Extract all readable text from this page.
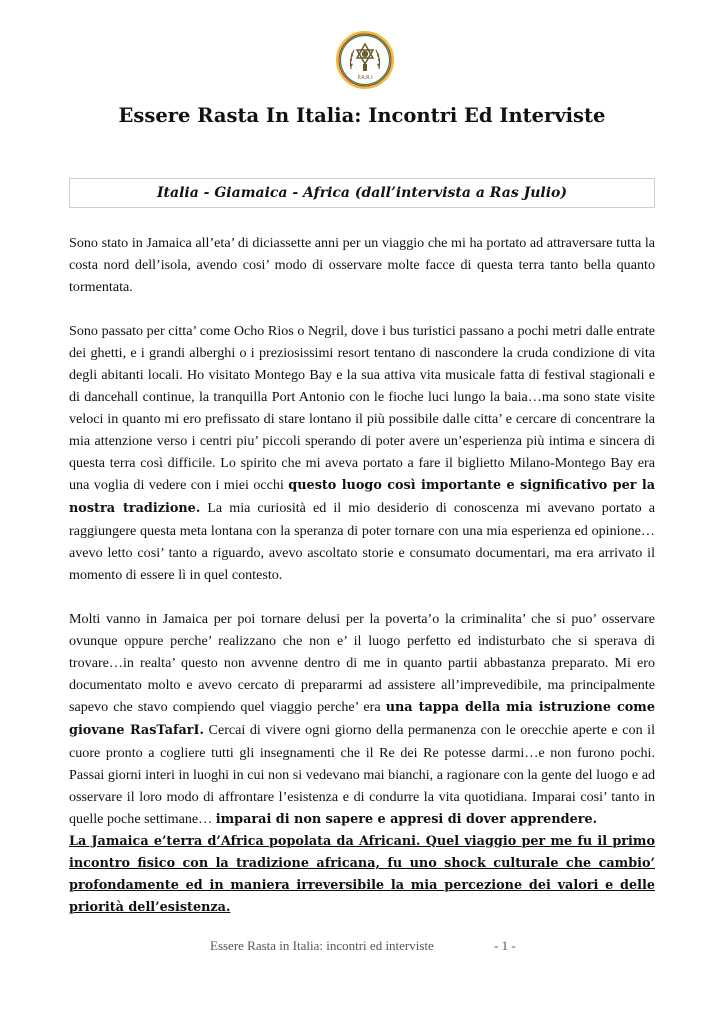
P.A.R.I
Essere Rasta In Italia: Incontri Ed Interviste
Italia - Giamaica - Africa (dall’intervista a Ras Julio)

Sono stato in Jamaica all’eta’ di diciassette anni per un viaggio che mi ha portato ad attraversare tutta la costa nord dell’isola, avendo cosi’ modo di osservare molte facce di questa terra tanto bella quanto tormentata.

Sono passato per citta’ come Ocho Rios o Negril, dove i bus turistici passano a pochi metri dalle entrate dei ghetti, e i grandi alberghi o i preziosissimi resort tentano di nascondere la cruda condizione di vita degli abitanti locali. Ho visitato Montego Bay e la sua attiva vita musicale fatta di festival stagionali e di dancehall continue, la tranquilla Port Antonio con le fioche luci lungo la baia…ma sono state visite veloci in quanto mi ero prefissato di stare lontano il più possibile dalle citta’ e cercare di concentrare la mia attenzione verso i centri piu’ piccoli sperando di poter avere un’esperienza più intima e sincera di questa terra così difficile. Lo spirito che mi aveva portato a fare il biglietto Milano-Montego Bay era una voglia di vedere con i miei occhi questo luogo così importante e significativo per la nostra tradizione. La mia curiosità ed il mio desiderio di conoscenza mi avevano portato a raggiungere questa meta lontana con la speranza di poter tornare con una mia esperienza ed opinione…avevo letto cosi’ tanto a riguardo, avevo ascoltato storie e consumato documentari, ma era arrivato il momento di essere lì in quel contesto.

Molti vanno in Jamaica per poi tornare delusi per la poverta’o la criminalita’ che si puo’ osservare ovunque oppure perche’ realizzano che non e’ il luogo perfetto ed indisturbato che si sperava di trovare…in realta’ questo non avvenne dentro di me in quanto partii abbastanza preparato. Mi ero documentato molto e avevo cercato di prepararmi ad assistere all’imprevedibile, ma principalmente sapevo che stavo compiendo quel viaggio perche’ era una tappa della mia istruzione come giovane RasTafarI. Cercai di vivere ogni giorno della permanenza con le orecchie aperte e con il cuore pronto a cogliere tutti gli insegnamenti che il Re dei Re potesse darmi…e non furono pochi. Passai giorni interi in luoghi in cui non si vedevano mai bianchi, a ragionare con la gente del luogo e ad osservare il loro modo di affrontare l’esistenza e di condurre la vita quotidiana. Imparai cosi’ tanto in quelle poche settimane… imparai di non sapere e appresi di dover apprendere.

La Jamaica e’terra d’Africa popolata da Africani. Quel viaggio per me fu il primo incontro fisico con la tradizione africana, fu uno shock culturale che cambio’ profondamente ed in maniera irreversibile la mia percezione dei valori e delle priorità dell’esistenza.
Essere Rasta in Italia: incontri ed interviste	- 1 -
